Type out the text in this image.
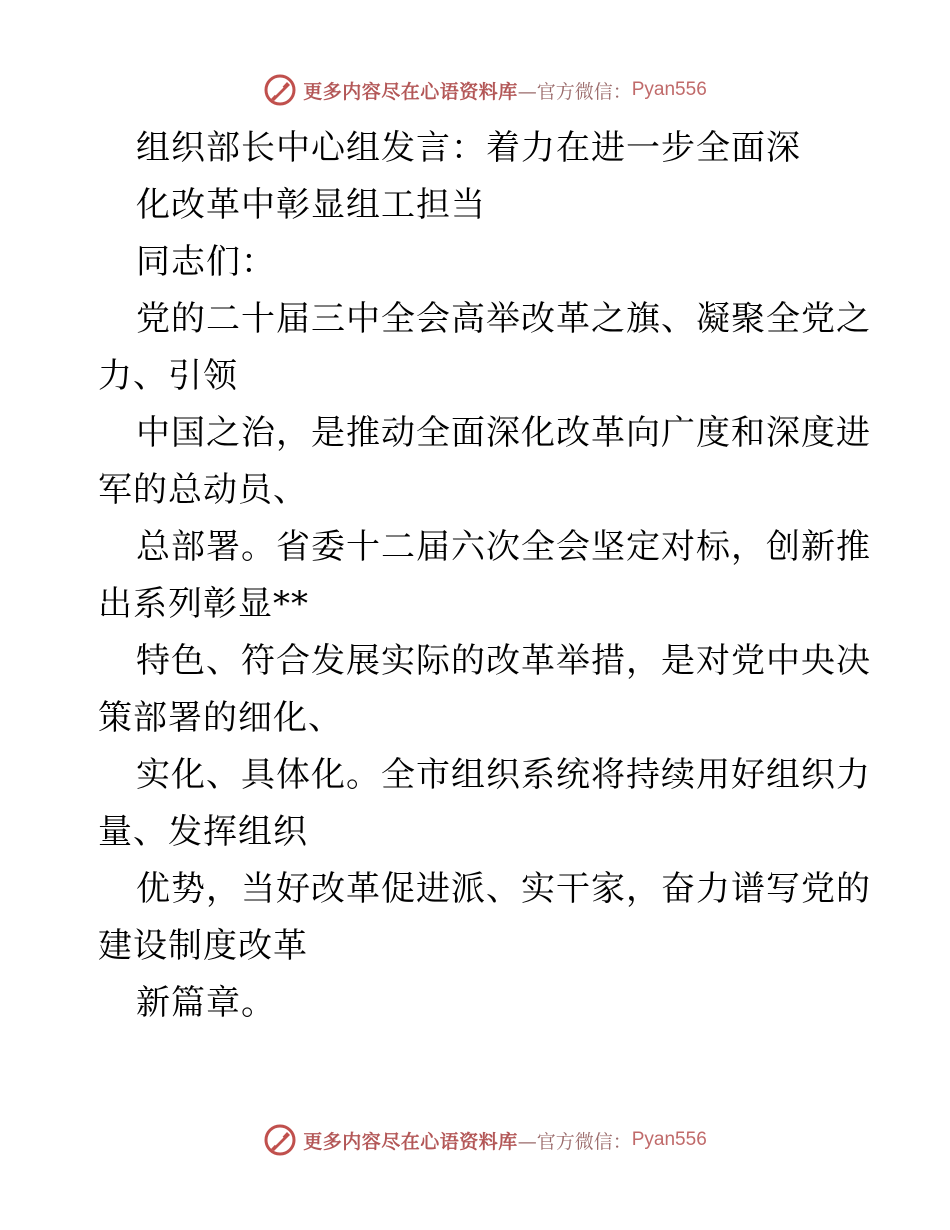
更多内容尽在心语资料库 —官方微信： Pyan556
组织部长中心组发言：着力在进一步全面深
化改革中彰显组工担当
同志们：
党的二十届三中全会高举改革之旗、凝聚全党之
力、引领
中国之治，是推动全面深化改革向广度和深度进
军的总动员、
总部署。省委十二届六次全会坚定对标，创新推
出系列彰显**
特色、符合发展实际的改革举措，是对党中央决
策部署的细化、
实化、具体化。全市组织系统将持续用好组织力
量、发挥组织
优势，当好改革促进派、实干家，奋力谱写党的
建设制度改革
新篇章。
更多内容尽在心语资料库 —官方微信： Pyan556
